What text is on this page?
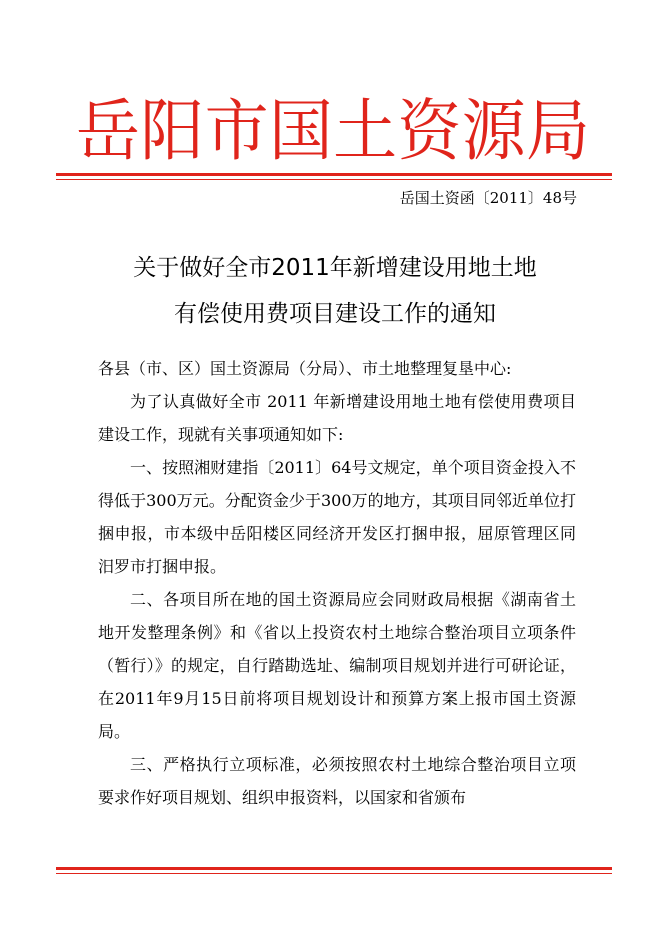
岳 阳 市 国 土 资 源 局
岳国土资函〔2011〕48号
关于做好全市2011年新增建设用地土地
有偿使用费项目建设工作的通知

各县（市、区）国土资源局（分局）、市土地整理复垦中心:

为了认真做好全市 2011 年新增建设用地土地有偿使用费项目建设工作，现就有关事项通知如下:

一、按照湘财建指〔2011〕64号文规定，单个项目资金投入不得低于300万元。分配资金少于300万的地方，其项目同邻近单位打捆申报，市本级中岳阳楼区同经济开发区打捆申报，屈原管理区同汨罗市打捆申报。

二、各项目所在地的国土资源局应会同财政局根据《湖南省土地开发整理条例》和《省以上投资农村土地综合整治项目立项条件（暂行）》的规定，自行踏勘选址、编制项目规划并进行可研论证，在2011年9月15日前将项目规划设计和预算方案上报市国土资源局。

三、严格执行立项标准，必须按照农村土地综合整治项目立项要求作好项目规划、组织申报资料，以国家和省颁布
